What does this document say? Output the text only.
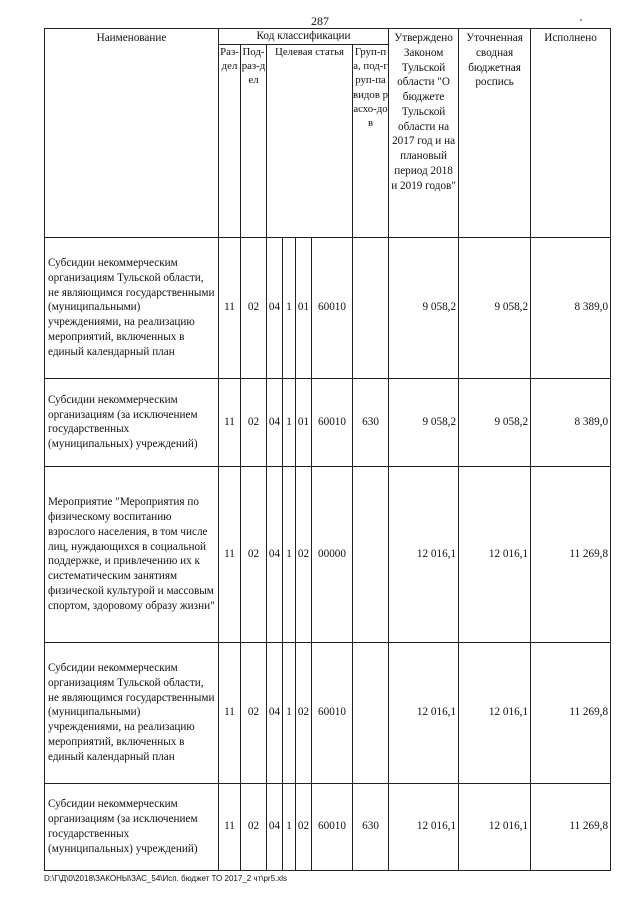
287
Наименование	Код классификации							Утверждено Законом Тульской области "О бюджете Тульской области на 2017 год и на плановый период 2018 и 2019 годов"	Уточненная сводная бюджетная роспись	Исполнено

	Раз-дел	Под-раз-дел	Целевая статья				Груп-па, под-груп-па видов расхо-дов			

Субсидии некоммерческим организациям Тульской области, не являющимся государственными (муниципальными) учреждениями, на реализацию мероприятий, включенных в единый календарный план	11	02	04	1	01	60010		9 058,2	9 058,2	8 389,0
Субсидии некоммерческим организациям (за исключением государственных (муниципальных) учреждений)	11	02	04	1	01	60010	630	9 058,2	9 058,2	8 389,0
Мероприятие "Мероприятия по физическому воспитанию взрослого населения, в том числе лиц, нуждающихся в социальной поддержке, и привлечению их к систематическим занятиям физической культурой и массовым спортом, здоровому образу жизни"	11	02	04	1	02	00000		12 016,1	12 016,1	11 269,8
Субсидии некоммерческим организациям Тульской области, не являющимся государственными (муниципальными) учреждениями, на реализацию мероприятий, включенных в единый календарный план	11	02	04	1	02	60010		12 016,1	12 016,1	11 269,8
Субсидии некоммерческим организациям (за исключением государственных (муниципальных) учреждений)	11	02	04	1	02	60010	630	12 016,1	12 016,1	11 269,8
D:\Г\Д\0\2018\ЗАКОНЫ\ЗАС_54\Исп. бюджет ТО 2017_2 чт\pr5.xls
